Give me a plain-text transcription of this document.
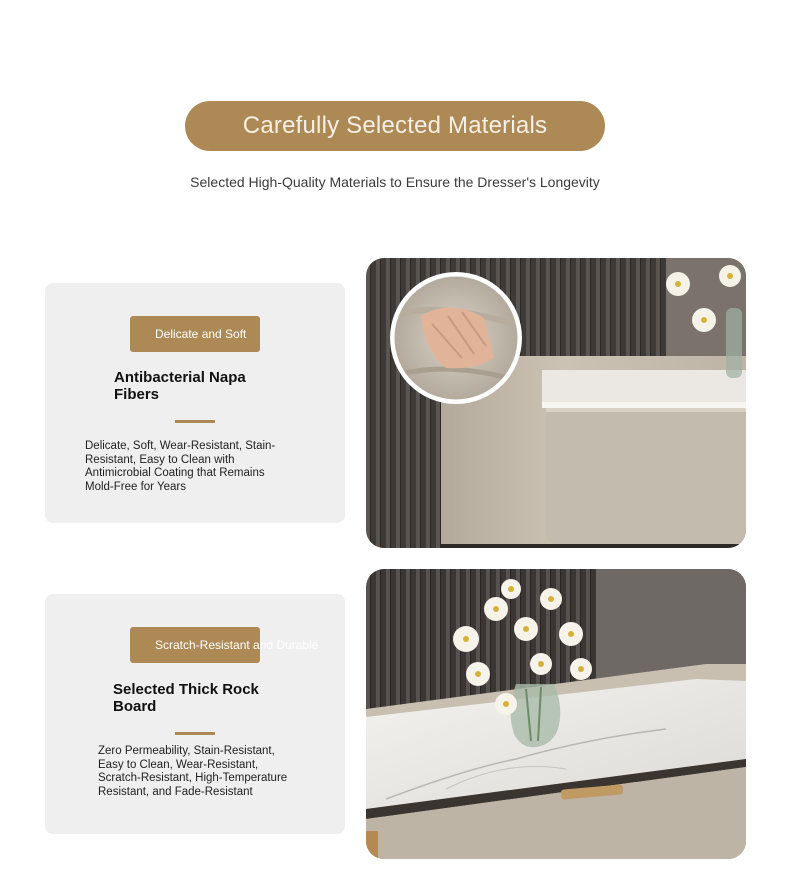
Carefully Selected Materials
Selected High-Quality Materials to Ensure the Dresser's Longevity
Delicate and Soft
Antibacterial Napa Fibers
Delicate, Soft, Wear-Resistant, Stain-Resistant, Easy to Clean with Antimicrobial Coating that Remains Mold-Free for Years
Scratch-Resistant and Durable
Selected Thick Rock Board
Zero Permeability, Stain-Resistant, Easy to Clean, Wear-Resistant, Scratch-Resistant, High-Temperature Resistant, and Fade-Resistant
